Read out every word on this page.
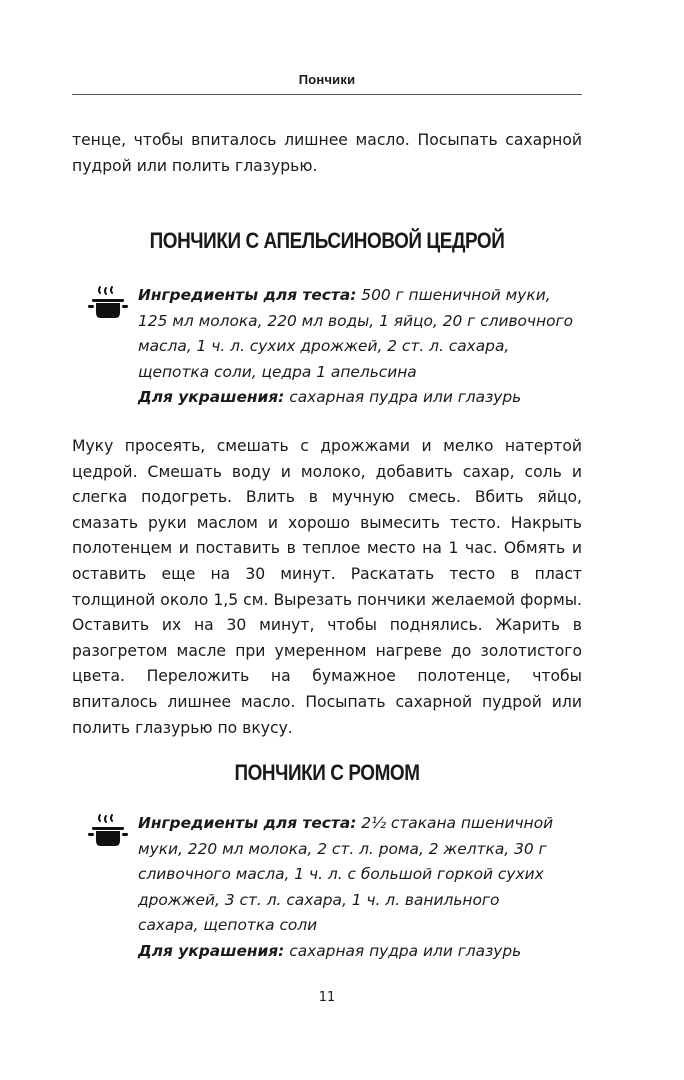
Пончики

тенце, чтобы впиталось лишнее масло. Посыпать сахарной пудрой или полить глазурью.

ПОНЧИКИ С АПЕЛЬСИНОВОЙ ЦЕДРОЙ

Ингредиенты для теста: 500 г пшеничной муки, 125 мл молока, 220 мл воды, 1 яйцо, 20 г сливочного масла, 1 ч. л. сухих дрожжей, 2 ст. л. сахара, щепотка соли, цедра 1 апельсина
Для украшения: сахарная пудра или глазурь

Муку просеять, смешать с дрожжами и мелко натертой цедрой. Смешать воду и молоко, добавить сахар, соль и слегка подогреть. Влить в мучную смесь. Вбить яйцо, смазать руки маслом и хорошо вымесить тесто. Накрыть полотенцем и поставить в теплое место на 1 час. Обмять и оставить еще на 30 минут. Раскатать тесто в пласт толщиной около 1,5 см. Вырезать пончики желаемой формы. Оставить их на 30 минут, чтобы поднялись. Жарить в разогретом масле при умеренном нагреве до золотистого цвета. Переложить на бумажное полотенце, чтобы впиталось лишнее масло. Посыпать сахарной пудрой или полить глазурью по вкусу.

ПОНЧИКИ С РОМОМ

Ингредиенты для теста: 2½ стакана пшеничной муки, 220 мл молока, 2 ст. л. рома, 2 желтка, 30 г сливочного масла, 1 ч. л. с большой горкой сухих дрожжей, 3 ст. л. сахара, 1 ч. л. ванильного сахара, щепотка соли
Для украшения: сахарная пудра или глазурь

11
